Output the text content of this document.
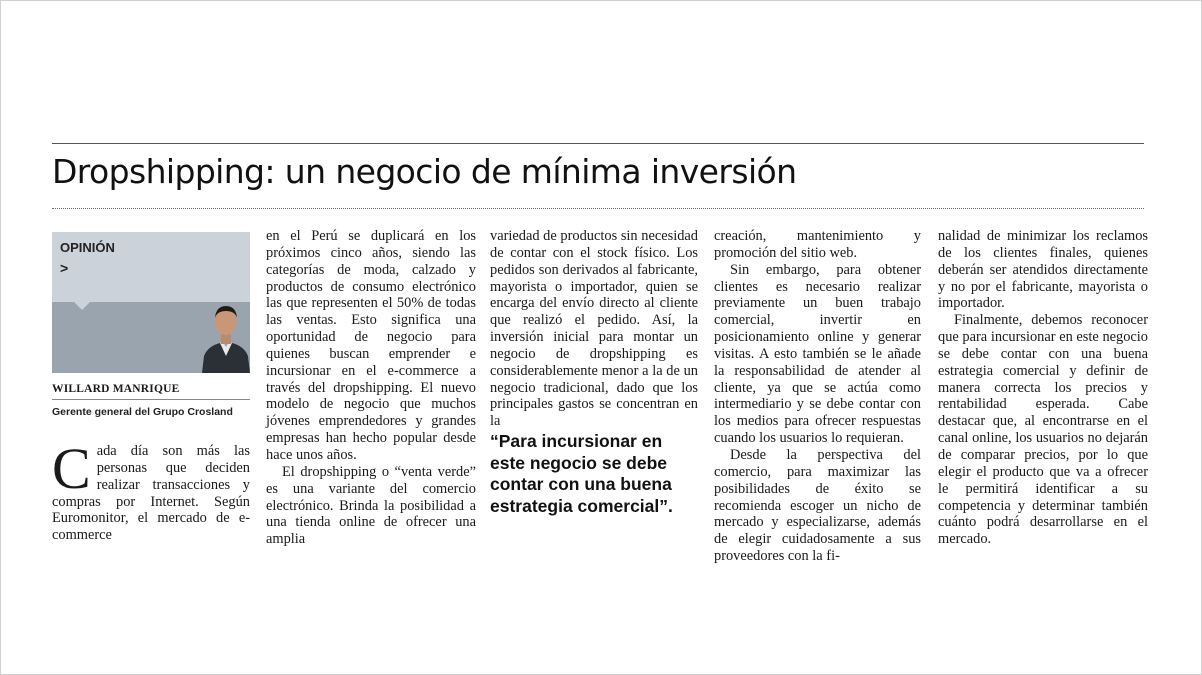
Dropshipping: un negocio de mínima inversión
OPINIÓN
>
WILLARD MANRIQUE
Gerente general del Grupo Crosland
Cada día son más las personas que deciden realizar transacciones y compras por Internet. Según Euromonitor, el mercado de e-commerce

en el Perú se duplicará en los próximos cinco años, siendo las categorías de moda, calzado y productos de consumo electrónico las que representen el 50% de todas las ventas. Esto significa una oportunidad de negocio para quienes buscan emprender e incursionar en el e-commerce a través del dropshipping. El nuevo modelo de negocio que muchos jóvenes emprendedores y grandes empresas han hecho popular desde hace unos años.

El dropshipping o “venta verde” es una variante del comercio electrónico. Brinda la posibilidad a una tienda online de ofrecer una amplia

variedad de productos sin necesidad de contar con el stock físico. Los pedidos son derivados al fabricante, mayorista o importador, quien se encarga del envío directo al cliente que realizó el pedido. Así, la inversión inicial para montar un negocio de dropshipping es considerablemente menor a la de un negocio tradicional, dado que los principales gastos se concentran en la

“Para incursionar en este negocio se debe contar con una buena estrategia comercial”.

creación, mantenimiento y promoción del sitio web.

Sin embargo, para obtener clientes es necesario realizar previamente un buen trabajo comercial, invertir en posicionamiento online y generar visitas. A esto también se le añade la responsabilidad de atender al cliente, ya que se actúa como intermediario y se debe contar con los medios para ofrecer respuestas cuando los usuarios lo requieran.

Desde la perspectiva del comercio, para maximizar las posibilidades de éxito se recomienda escoger un nicho de mercado y especializarse, además de elegir cuidadosamente a sus proveedores con la fi-

nalidad de minimizar los reclamos de los clientes finales, quienes deberán ser atendidos directamente y no por el fabricante, mayorista o importador.

Finalmente, debemos reconocer que para incursionar en este negocio se debe contar con una buena estrategia comercial y definir de manera correcta los precios y rentabilidad esperada. Cabe destacar que, al encontrarse en el canal online, los usuarios no dejarán de comparar precios, por lo que elegir el producto que va a ofrecer le permitirá identificar a su competencia y determinar también cuánto podrá desarrollarse en el mercado.
